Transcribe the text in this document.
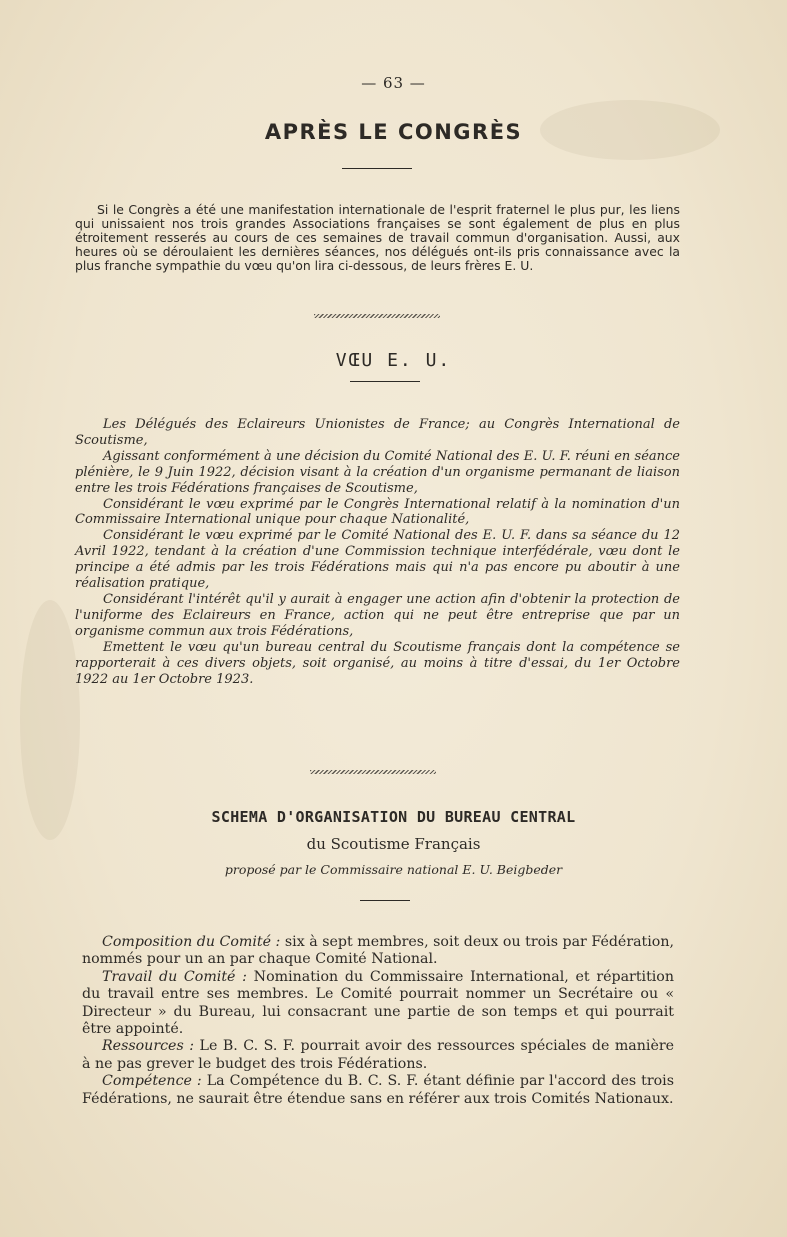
— 63 —
APRÈS LE CONGRÈS

Si le Congrès a été une manifestation internationale de l'esprit fraternel le plus pur, les liens qui unissaient nos trois grandes Associations françaises se sont également de plus en plus étroitement resserés au cours de ces semaines de travail commun d'organisation. Aussi, aux heures où se déroulaient les dernières séances, nos délégués ont-ils pris connaissance avec la plus franche sympathie du vœu qu'on lira ci-dessous, de leurs frères E. U.

VŒU E. U.

Les Délégués des Eclaireurs Unionistes de France; au Congrès International de Scoutisme,

Agissant conformément à une décision du Comité National des E. U. F. réuni en séance plénière, le 9 Juin 1922, décision visant à la création d'un organisme permanant de liaison entre les trois Fédérations françaises de Scoutisme,

Considérant le vœu exprimé par le Congrès International relatif à la nomination d'un Commissaire International unique pour chaque Nationalité,

Considérant le vœu exprimé par le Comité National des E. U. F. dans sa séance du 12 Avril 1922, tendant à la création d'une Commission technique interfédérale, vœu dont le principe a été admis par les trois Fédérations mais qui n'a pas encore pu aboutir à une réalisation pratique,

Considérant l'intérêt qu'il y aurait à engager une action afin d'obtenir la protection de l'uniforme des Eclaireurs en France, action qui ne peut être entreprise que par un organisme commun aux trois Fédérations,

Emettent le vœu qu'un bureau central du Scoutisme français dont la compétence se rapporterait à ces divers objets, soit organisé, au moins à titre d'essai, du 1er Octobre 1922 au 1er Octobre 1923.

SCHEMA D'ORGANISATION DU BUREAU CENTRAL
du Scoutisme Français
proposé par le Commissaire national E. U. Beigbeder

Composition du Comité : six à sept membres, soit deux ou trois par Fédération, nommés pour un an par chaque Comité National.

Travail du Comité : Nomination du Commissaire International, et répartition du travail entre ses membres. Le Comité pourrait nommer un Secrétaire ou « Directeur » du Bureau, lui consacrant une partie de son temps et qui pourrait être appointé.

Ressources : Le B. C. S. F. pourrait avoir des ressources spéciales de manière à ne pas grever le budget des trois Fédérations.

Compétence : La Compétence du B. C. S. F. étant définie par l'accord des trois Fédérations, ne saurait être étendue sans en référer aux trois Comités Nationaux.
